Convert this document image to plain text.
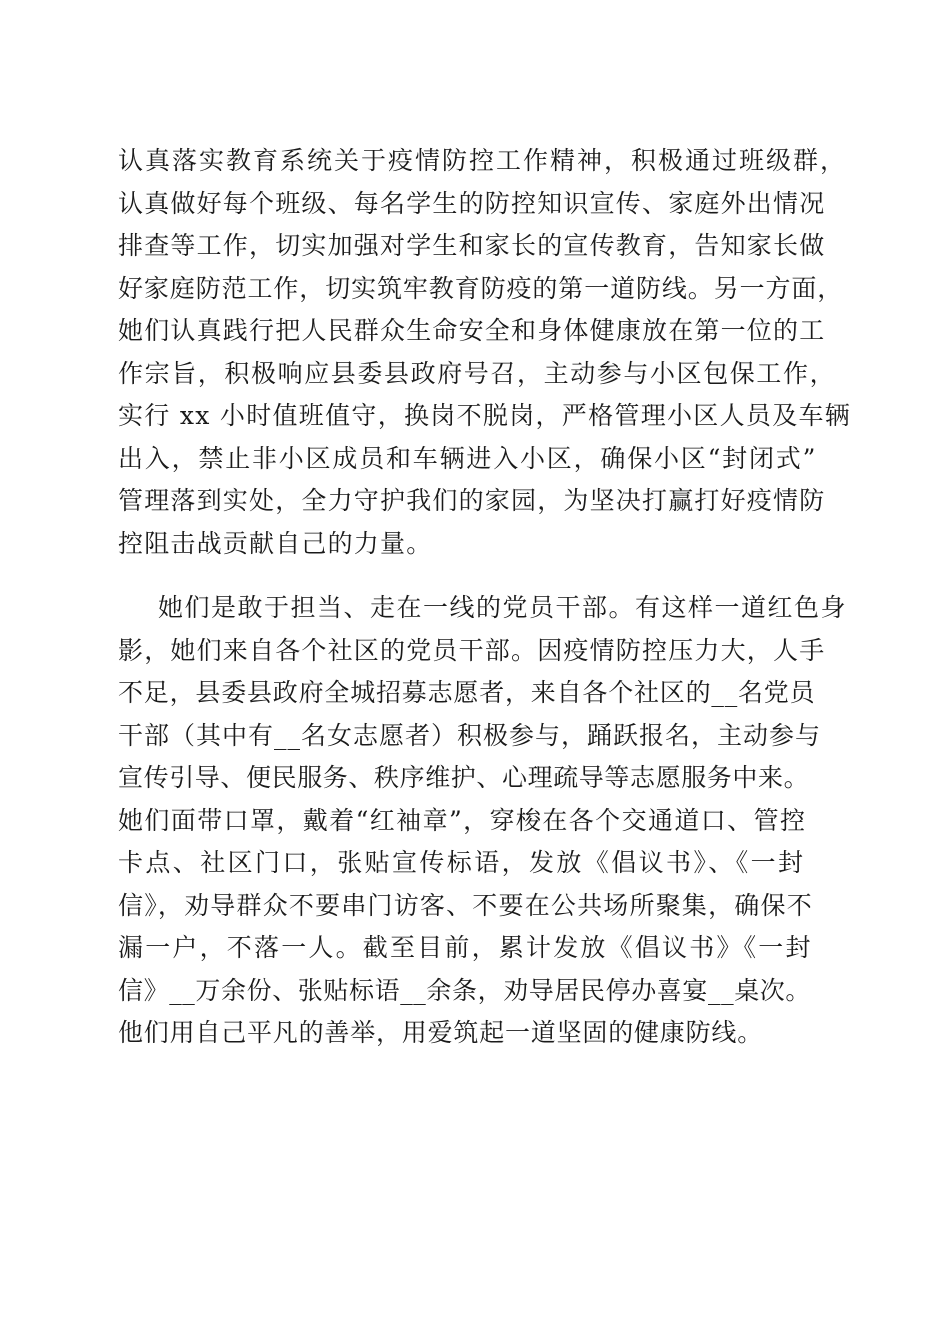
认真落实教育系统关于疫情防控工作精神，积极通过班级群，
认真做好每个班级、每名学生的防控知识宣传、家庭外出情况
排查等工作，切实加强对学生和家长的宣传教育，告知家长做
好家庭防范工作，切实筑牢教育防疫的第一道防线。另一方面，
她们认真践行把人民群众生命安全和身体健康放在第一位的工
作宗旨，积极响应县委县政府号召，主动参与小区包保工作，
实行 xx 小时值班值守，换岗不脱岗，严格管理小区人员及车辆
出入，禁止非小区成员和车辆进入小区，确保小区“封闭式”
管理落到实处，全力守护我们的家园，为坚决打赢打好疫情防
控阻击战贡献自己的力量。
她们是敢于担当、走在一线的党员干部。有这样一道红色身
影，她们来自各个社区的党员干部。因疫情防控压力大，人手
不足，县委县政府全城招募志愿者，来自各个社区的__名党员
干部（其中有__名女志愿者）积极参与，踊跃报名，主动参与
宣传引导、便民服务、秩序维护、心理疏导等志愿服务中来。
她们面带口罩，戴着“红袖章”，穿梭在各个交通道口、管控
卡点、社区门口，张贴宣传标语，发放《倡议书》、《一封
信》，劝导群众不要串门访客、不要在公共场所聚集，确保不
漏一户，不落一人。截至目前，累计发放《倡议书》《一封
信》__万余份、张贴标语__余条，劝导居民停办喜宴__桌次。
他们用自己平凡的善举，用爱筑起一道坚固的健康防线。
